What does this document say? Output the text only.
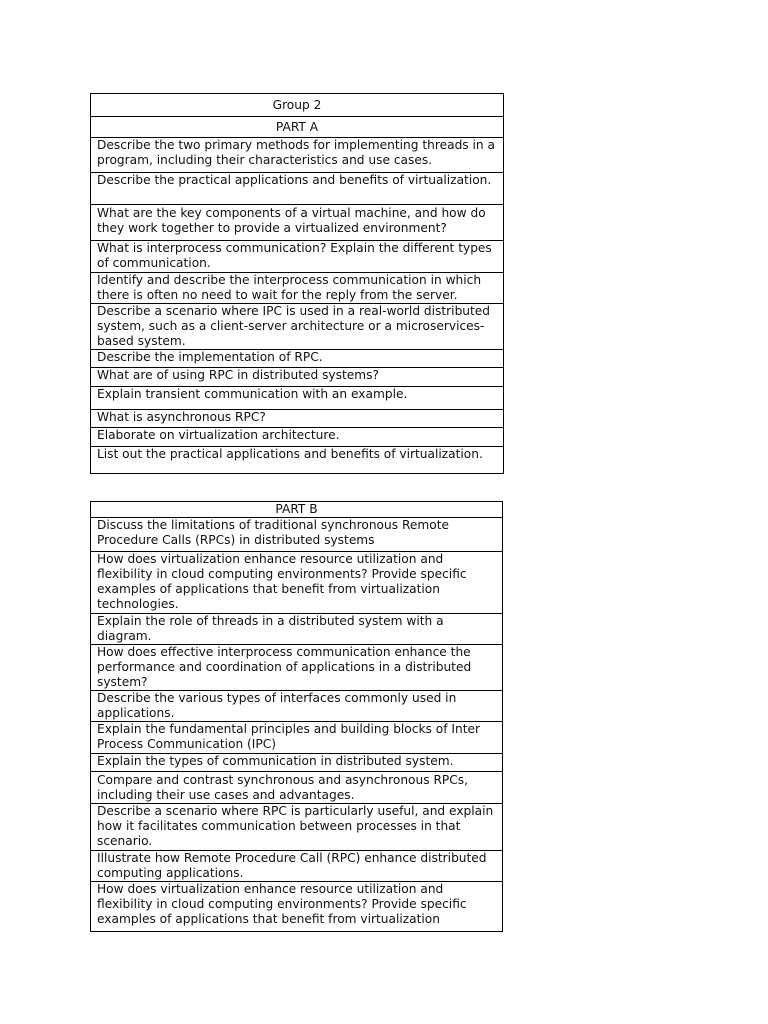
Group 2
PART A
Describe the two primary methods for implementing threads in a program, including their characteristics and use cases.
Describe the practical applications and benefits of virtualization.
What are the key components of a virtual machine, and how do they work together to provide a virtualized environment?
What is interprocess communication? Explain the different types of communication.
Identify and describe the interprocess communication in which there is often no need to wait for the reply from the server.
Describe a scenario where IPC is used in a real-world distributed system, such as a client-server architecture or a microservices-based system.
Describe the implementation of RPC.
What are of using RPC in distributed systems?
Explain transient communication with an example.
What is asynchronous RPC?
Elaborate on virtualization architecture.
List out the practical applications and benefits of virtualization.
PART B
Discuss the limitations of traditional synchronous Remote Procedure Calls (RPCs) in distributed systems
How does virtualization enhance resource utilization and flexibility in cloud computing environments? Provide specific examples of applications that benefit from virtualization technologies.
Explain the role of threads in a distributed system with a diagram.
How does effective interprocess communication enhance the performance and coordination of applications in a distributed system?
Describe the various types of interfaces commonly used in applications.
Explain the fundamental principles and building blocks of Inter Process Communication (IPC)
Explain the types of communication in distributed system.
Compare and contrast synchronous and asynchronous RPCs, including their use cases and advantages.
Describe a scenario where RPC is particularly useful, and explain how it facilitates communication between processes in that scenario.
Illustrate how Remote Procedure Call (RPC) enhance distributed computing applications.
How does virtualization enhance resource utilization and flexibility in cloud computing environments? Provide specific examples of applications that benefit from virtualization
